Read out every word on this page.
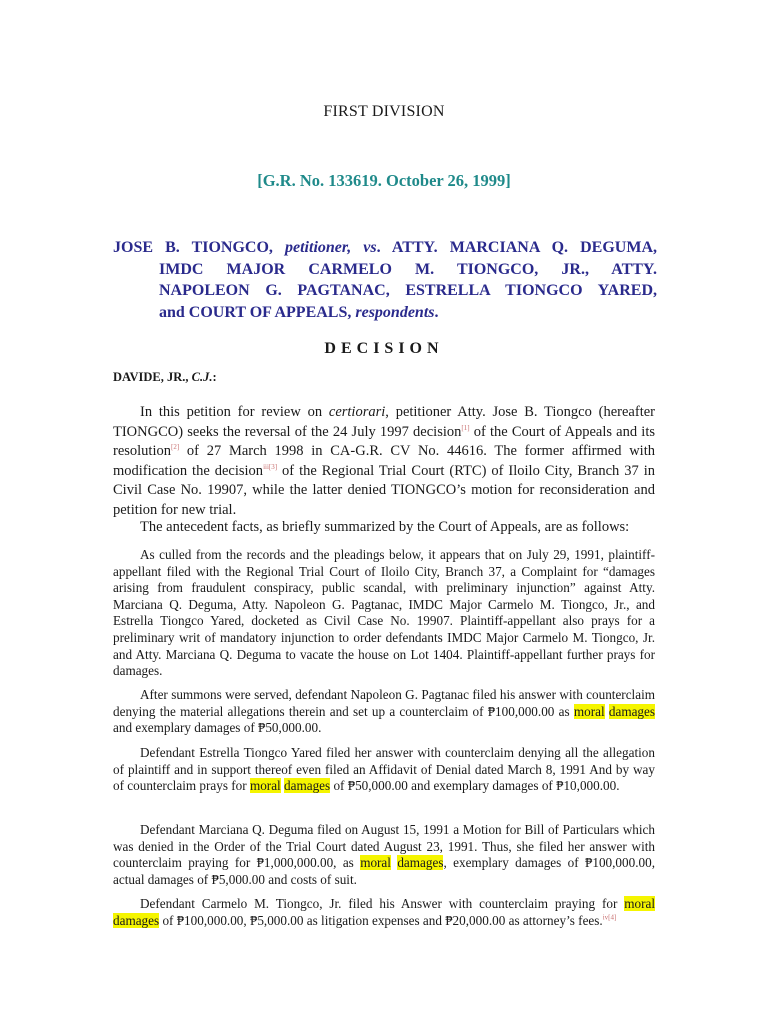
FIRST DIVISION
[G.R. No. 133619. October 26, 1999]
JOSE B. TIONGCO, petitioner, vs. ATTY. MARCIANA Q. DEGUMA,
IMDC MAJOR CARMELO M. TIONGCO, JR., ATTY.
NAPOLEON G. PAGTANAC, ESTRELLA TIONGCO YARED,
and COURT OF APPEALS, respondents.
DECISION
DAVIDE, JR., C.J.:

In this petition for review on certiorari, petitioner Atty. Jose B. Tiongco (hereafter TIONGCO) seeks the reversal of the 24 July 1997 decision[1] of the Court of Appeals and its resolution[2] of 27 March 1998 in CA-G.R. CV No. 44616. The former affirmed with modification the decision$^{iii[3]}$ of the Regional Trial Court (RTC) of Iloilo City, Branch 37 in Civil Case No. 19907, while the latter denied TIONGCO’s motion for reconsideration and petition for new trial.

The antecedent facts, as briefly summarized by the Court of Appeals, are as follows:

As culled from the records and the pleadings below, it appears that on July 29, 1991, plaintiff-appellant filed with the Regional Trial Court of Iloilo City, Branch 37, a Complaint for “damages arising from fraudulent conspiracy, public scandal, with preliminary injunction” against Atty. Marciana Q. Deguma, Atty. Napoleon G. Pagtanac, IMDC Major Carmelo M. Tiongco, Jr., and Estrella Tiongco Yared, docketed as Civil Case No. 19907. Plaintiff-appellant also prays for a preliminary writ of mandatory injunction to order defendants IMDC Major Carmelo M. Tiongco, Jr. and Atty. Marciana Q. Deguma to vacate the house on Lot 1404. Plaintiff-appellant further prays for damages.

After summons were served, defendant Napoleon G. Pagtanac filed his answer with counterclaim denying the material allegations therein and set up a counterclaim of ₱100,000.00 as moral damages and exemplary damages of ₱50,000.00.

Defendant Estrella Tiongco Yared filed her answer with counterclaim denying all the allegation of plaintiff and in support thereof even filed an Affidavit of Denial dated March 8, 1991 And by way of counterclaim prays for moral damages of ₱50,000.00 and exemplary damages of ₱10,000.00.

Defendant Marciana Q. Deguma filed on August 15, 1991 a Motion for Bill of Particulars which was denied in the Order of the Trial Court dated August 23, 1991. Thus, she filed her answer with counterclaim praying for ₱1,000,000.00, as moral damages, exemplary damages of ₱100,000.00, actual damages of ₱5,000.00 and costs of suit.

Defendant Carmelo M. Tiongco, Jr. filed his Answer with counterclaim praying for moral damages of ₱100,000.00, ₱5,000.00 as litigation expenses and ₱20,000.00 as attorney’s fees.$^{iv[4]}$
